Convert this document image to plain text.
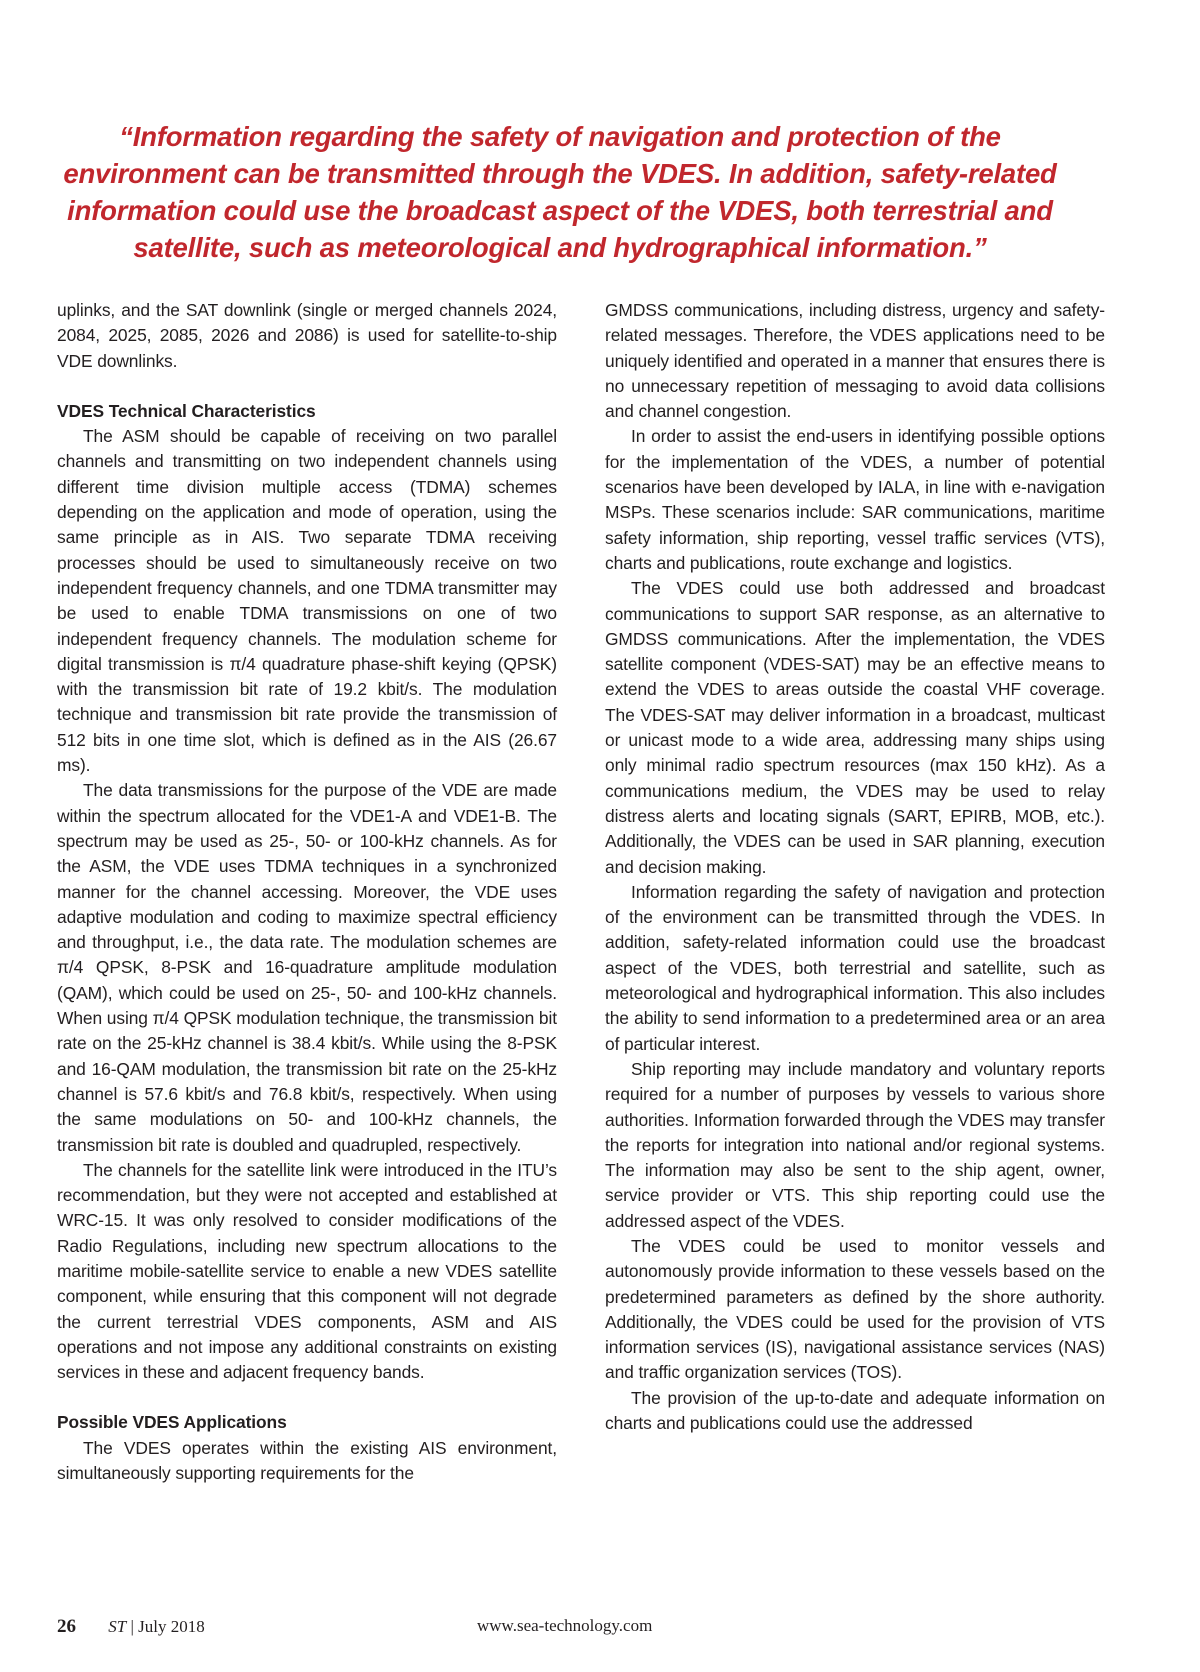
“Information regarding the safety of navigation and protection of the environment can be transmitted through the VDES. In addition, safety-related information could use the broadcast aspect of the VDES, both terrestrial and satellite, such as meteorological and hydrographical information.”

uplinks, and the SAT downlink (single or merged channels 2024, 2084, 2025, 2085, 2026 and 2086) is used for satellite-to-ship VDE downlinks.

VDES Technical Characteristics

The ASM should be capable of receiving on two parallel channels and transmitting on two independent channels using different time division multiple access (TDMA) schemes depending on the application and mode of operation, using the same principle as in AIS. Two separate TDMA receiving processes should be used to simultaneously receive on two independent frequency channels, and one TDMA transmitter may be used to enable TDMA transmissions on one of two independent frequency channels. The modulation scheme for digital transmission is π/4 quadrature phase-shift keying (QPSK) with the transmission bit rate of 19.2 kbit/s. The modulation technique and transmission bit rate provide the transmission of 512 bits in one time slot, which is defined as in the AIS (26.67 ms).

The data transmissions for the purpose of the VDE are made within the spectrum allocated for the VDE1-A and VDE1-B. The spectrum may be used as 25-, 50- or 100-kHz channels. As for the ASM, the VDE uses TDMA techniques in a synchronized manner for the channel accessing. Moreover, the VDE uses adaptive modulation and coding to maximize spectral efficiency and throughput, i.e., the data rate. The modulation schemes are π/4 QPSK, 8-PSK and 16-quadrature amplitude modulation (QAM), which could be used on 25-, 50- and 100-kHz channels. When using π/4 QPSK modulation technique, the transmission bit rate on the 25-kHz channel is 38.4 kbit/s. While using the 8-PSK and 16-QAM modulation, the transmission bit rate on the 25-kHz channel is 57.6 kbit/s and 76.8 kbit/s, respectively. When using the same modulations on 50- and 100-kHz channels, the transmission bit rate is doubled and quadrupled, respectively.

The channels for the satellite link were introduced in the ITU’s recommendation, but they were not accepted and established at WRC-15. It was only resolved to consider modifications of the Radio Regulations, including new spectrum allocations to the maritime mobile-satellite service to enable a new VDES satellite component, while ensuring that this component will not degrade the current terrestrial VDES components, ASM and AIS operations and not impose any additional constraints on existing services in these and adjacent frequency bands.

Possible VDES Applications

The VDES operates within the existing AIS environment, simultaneously supporting requirements for the

GMDSS communications, including distress, urgency and safety-related messages. Therefore, the VDES applications need to be uniquely identified and operated in a manner that ensures there is no unnecessary repetition of messaging to avoid data collisions and channel congestion.

In order to assist the end-users in identifying possible options for the implementation of the VDES, a number of potential scenarios have been developed by IALA, in line with e-navigation MSPs. These scenarios include: SAR communications, maritime safety information, ship reporting, vessel traffic services (VTS), charts and publications, route exchange and logistics.

The VDES could use both addressed and broadcast communications to support SAR response, as an alternative to GMDSS communications. After the implementation, the VDES satellite component (VDES-SAT) may be an effective means to extend the VDES to areas outside the coastal VHF coverage. The VDES-SAT may deliver information in a broadcast, multicast or unicast mode to a wide area, addressing many ships using only minimal radio spectrum resources (max 150 kHz). As a communications medium, the VDES may be used to relay distress alerts and locating signals (SART, EPIRB, MOB, etc.). Additionally, the VDES can be used in SAR planning, execution and decision making.

Information regarding the safety of navigation and protection of the environment can be transmitted through the VDES. In addition, safety-related information could use the broadcast aspect of the VDES, both terrestrial and satellite, such as meteorological and hydrographical information. This also includes the ability to send information to a predetermined area or an area of particular interest.

Ship reporting may include mandatory and voluntary reports required for a number of purposes by vessels to various shore authorities. Information forwarded through the VDES may transfer the reports for integration into national and/or regional systems. The information may also be sent to the ship agent, owner, service provider or VTS. This ship reporting could use the addressed aspect of the VDES.

The VDES could be used to monitor vessels and autonomously provide information to these vessels based on the predetermined parameters as defined by the shore authority. Additionally, the VDES could be used for the provision of VTS information services (IS), navigational assistance services (NAS) and traffic organization services (TOS).

The provision of the up-to-date and adequate information on charts and publications could use the addressed

26 ST | July 2018	www.sea-technology.com
